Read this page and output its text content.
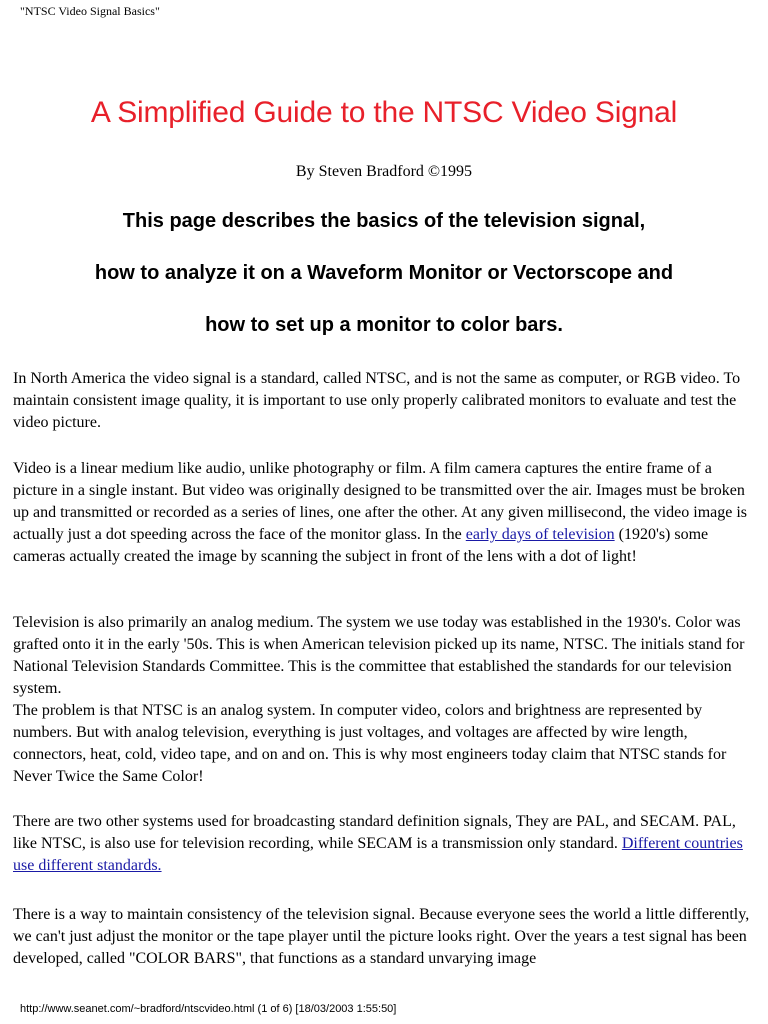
"NTSC Video Signal Basics"
A Simplified Guide to the NTSC Video Signal
By Steven Bradford ©1995
This page describes the basics of the television signal,
how to analyze it on a Waveform Monitor or Vectorscope and
how to set up a monitor to color bars.

In North America the video signal is a standard, called NTSC, and is not the same as computer, or RGB video. To maintain consistent image quality, it is important to use only properly calibrated monitors to evaluate and test the video picture.

Video is a linear medium like audio, unlike photography or film. A film camera captures the entire frame of a picture in a single instant. But video was originally designed to be transmitted over the air. Images must be broken up and transmitted or recorded as a series of lines, one after the other. At any given millisecond, the video image is actually just a dot speeding across the face of the monitor glass. In the early days of television (1920's) some cameras actually created the image by scanning the subject in front of the lens with a dot of light!

Television is also primarily an analog medium. The system we use today was established in the 1930's. Color was grafted onto it in the early '50s. This is when American television picked up its name, NTSC. The initials stand for National Television Standards Committee. This is the committee that established the standards for our television system.
The problem is that NTSC is an analog system. In computer video, colors and brightness are represented by numbers. But with analog television, everything is just voltages, and voltages are affected by wire length, connectors, heat, cold, video tape, and on and on. This is why most engineers today claim that NTSC stands for Never Twice the Same Color!

There are two other systems used for broadcasting standard definition signals, They are PAL, and SECAM. PAL, like NTSC, is also use for television recording, while SECAM is a transmission only standard. Different countries use different standards.

There is a way to maintain consistency of the television signal. Because everyone sees the world a little differently, we can't just adjust the monitor or the tape player until the picture looks right. Over the years a test signal has been developed, called "COLOR BARS", that functions as a standard unvarying image

http://www.seanet.com/~bradford/ntscvideo.html (1 of 6) [18/03/2003 1:55:50]
